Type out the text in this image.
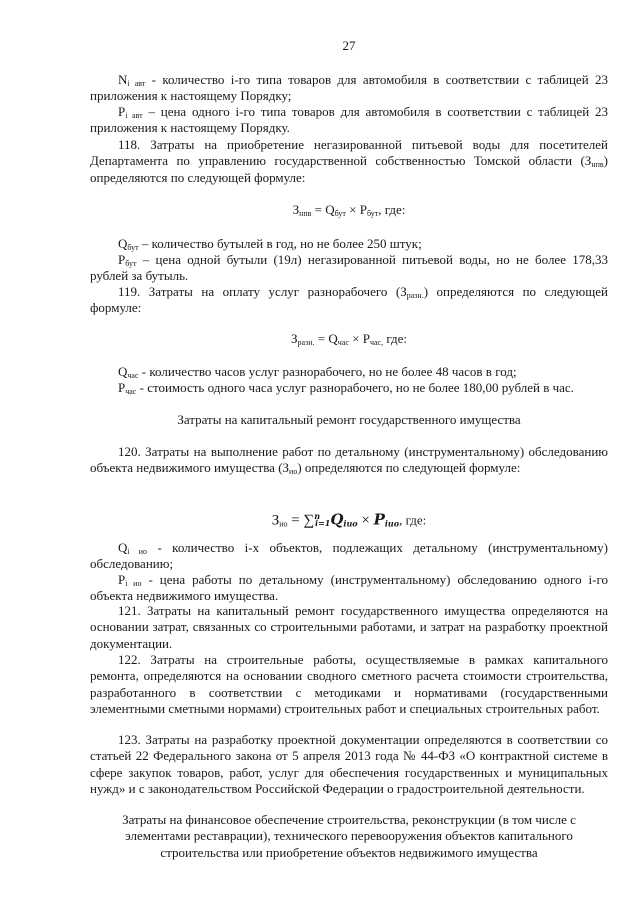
27

$N_{i авт}$ - количество i-го типа товаров для автомобиля в соответствии с таблицей 23 приложения к настоящему Порядку;

$P_{i авт}$ – цена одного i-го типа товаров для автомобиля в соответствии с таблицей 23 приложения к настоящему Порядку.

118. Затраты на приобретение негазированной питьевой воды для посетителей Департамента по управлению государственной собственностью Томской области $(З_{нпв})$ определяются по следующей формуле:

$З_{нпв} = Q_{бут} \times P_{бут}$, где:

$Q_{бут}$ – количество бутылей в год, но не более 250 штук;

$P_{бут}$ – цена одной бутыли (19л) негазированной питьевой воды, но не более 178,33 рублей за бутыль.

119. Затраты на оплату услуг разнорабочего $(З_{разн.})$ определяются по следующей формуле:

$З_{разн.} = Q_{час} \times P_{час,}$ где:

$Q_{час}$ - количество часов услуг разнорабочего, но не более 48 часов в год;

$P_{час}$ - стоимость одного часа услуг разнорабочего, но не более 180,00 рублей в час.

Затраты на капитальный ремонт государственного имущества

120. Затраты на выполнение работ по детальному (инструментальному) обследованию объекта недвижимого имущества $(З_{ио})$ определяются по следующей формуле:

$З_{ио} = \sum^n_{i=1}Q_{iио} \times P_{iио}$, где:

$Q_{i ио}$ - количество i-х объектов, подлежащих детальному (инструментальному) обследованию;

$P_{i ио}$ - цена работы по детальному (инструментальному) обследованию одного i-го объекта недвижимого имущества.

121. Затраты на капитальный ремонт государственного имущества определяются на основании затрат, связанных со строительными работами, и затрат на разработку проектной документации.

122. Затраты на строительные работы, осуществляемые в рамках капитального ремонта, определяются на основании сводного сметного расчета стоимости строительства, разработанного в соответствии с методиками и нормативами (государственными элементными сметными нормами) строительных работ и специальных строительных работ.

123. Затраты на разработку проектной документации определяются в соответствии со статьей 22 Федерального закона от 5 апреля 2013 года № 44-ФЗ «О контрактной системе в сфере закупок товаров, работ, услуг для обеспечения государственных и муниципальных нужд» и с законодательством Российской Федерации о градостроительной деятельности.

Затраты на финансовое обеспечение строительства, реконструкции (в том числе с элементами реставрации), технического перевооружения объектов капитального строительства или приобретение объектов недвижимого имущества
